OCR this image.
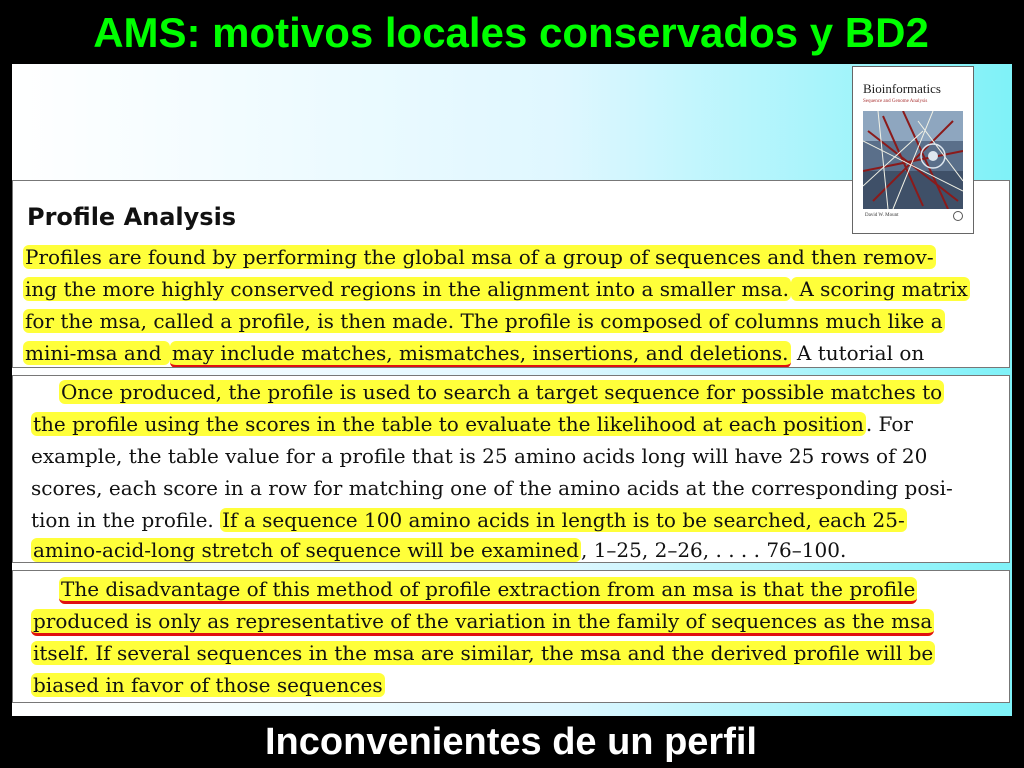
AMS: motivos locales conservados y BD2
Inconvenientes de un perfil
Profile Analysis
Profiles are found by performing the global msa of a group of sequences and then remov-
ing the more highly conserved regions in the alignment into a smaller msa. A scoring matrix
for the msa, called a profile, is then made. The profile is composed of columns much like a
mini-msa and may include matches, mismatches, insertions, and deletions. A tutorial on
Bioinformatics
Sequence and Genome Analysis
David W. Mount
Once produced, the profile is used to search a target sequence for possible matches to
the profile using the scores in the table to evaluate the likelihood at each position . For
example, the table value for a profile that is 25 amino acids long will have 25 rows of 20
scores, each score in a row for matching one of the amino acids at the corresponding posi-
tion in the profile. If a sequence 100 amino acids in length is to be searched, each 25-
amino-acid-long stretch of sequence will be examined , 1–25, 2–26, . . . . 76–100.
The disadvantage of this method of profile extraction from an msa is that the profile
produced is only as representative of the variation in the family of sequences as the msa
itself. If several sequences in the msa are similar, the msa and the derived profile will be
biased in favor of those sequences
